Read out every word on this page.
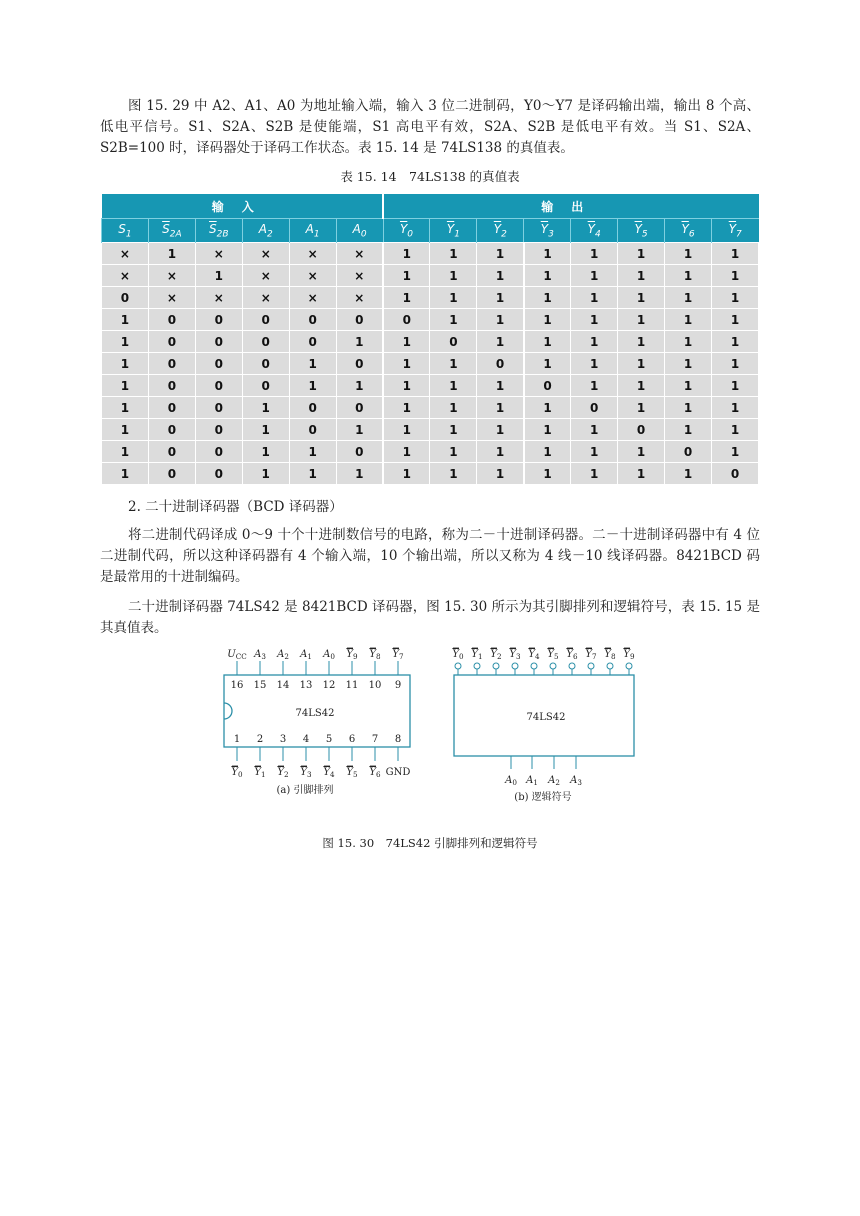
图 15. 29 中 A2、A1、A0 为地址输入端，输入 3 位二进制码，Y0～Y7 是译码输出端，输出 8 个高、低电平信号。S1、S2A、S2B 是使能端，S1 高电平有效，S2A、S2B 是低电平有效。当 S1、S2A、S2B=100 时，译码器处于译码工作状态。表 15. 14 是 74LS138 的真值表。

表 15. 14　74LS138 的真值表

输入						输出							
$S_1$	$\overline{S}_{2A}$	$\overline{S}_{2B}$	$A_2$	$A_1$	$A_0$	$\overline{Y}_0$	$\overline{Y}_1$	$\overline{Y}_2$	$\overline{Y}_3$	$\overline{Y}_4$	$\overline{Y}_5$	$\overline{Y}_6$	$\overline{Y}_7$
×	1	×	×	×	×	1	1	1	1	1	1	1	1
×	×	1	×	×	×	1	1	1	1	1	1	1	1
0	×	×	×	×	×	1	1	1	1	1	1	1	1
1	0	0	0	0	0	0	1	1	1	1	1	1	1
1	0	0	0	0	1	1	0	1	1	1	1	1	1
1	0	0	0	1	0	1	1	0	1	1	1	1	1
1	0	0	0	1	1	1	1	1	0	1	1	1	1
1	0	0	1	0	0	1	1	1	1	0	1	1	1
1	0	0	1	0	1	1	1	1	1	1	0	1	1
1	0	0	1	1	0	1	1	1	1	1	1	0	1
1	0	0	1	1	1	1	1	1	1	1	1	1	0

2. 二十进制译码器（BCD 译码器）

将二进制代码译成 0～9 十个十进制数信号的电路，称为二－十进制译码器。二－十进制译码器中有 4 位二进制代码，所以这种译码器有 4 个输入端，10 个输出端，所以又称为 4 线－10 线译码器。8421BCD 码是最常用的十进制编码。

二十进制译码器 74LS42 是 8421BCD 译码器，图 15. 30 所示为其引脚排列和逻辑符号，表 15. 15 是其真值表。

74LS42
16
$U_{CC}$
1
$Y_0$
15
$A_3$
2
$Y_1$
14
$A_2$
3
$Y_2$
13
$A_1$
4
$Y_3$
12
$A_0$
5
$Y_4$
11
$Y_9$
6
$Y_5$
10
$Y_8$
7
$Y_6$
9
$Y_7$
8
GND
(a) 引脚排列
74LS42
$Y_0$ $Y_1$ $Y_2$ $Y_3$ $Y_4$ $Y_5$ $Y_6$ $Y_7$ $Y_8$ $Y_9$
$A_0$ $A_1$ $A_2$ $A_3$
(b) 逻辑符号

图 15. 30　74LS42 引脚排列和逻辑符号
